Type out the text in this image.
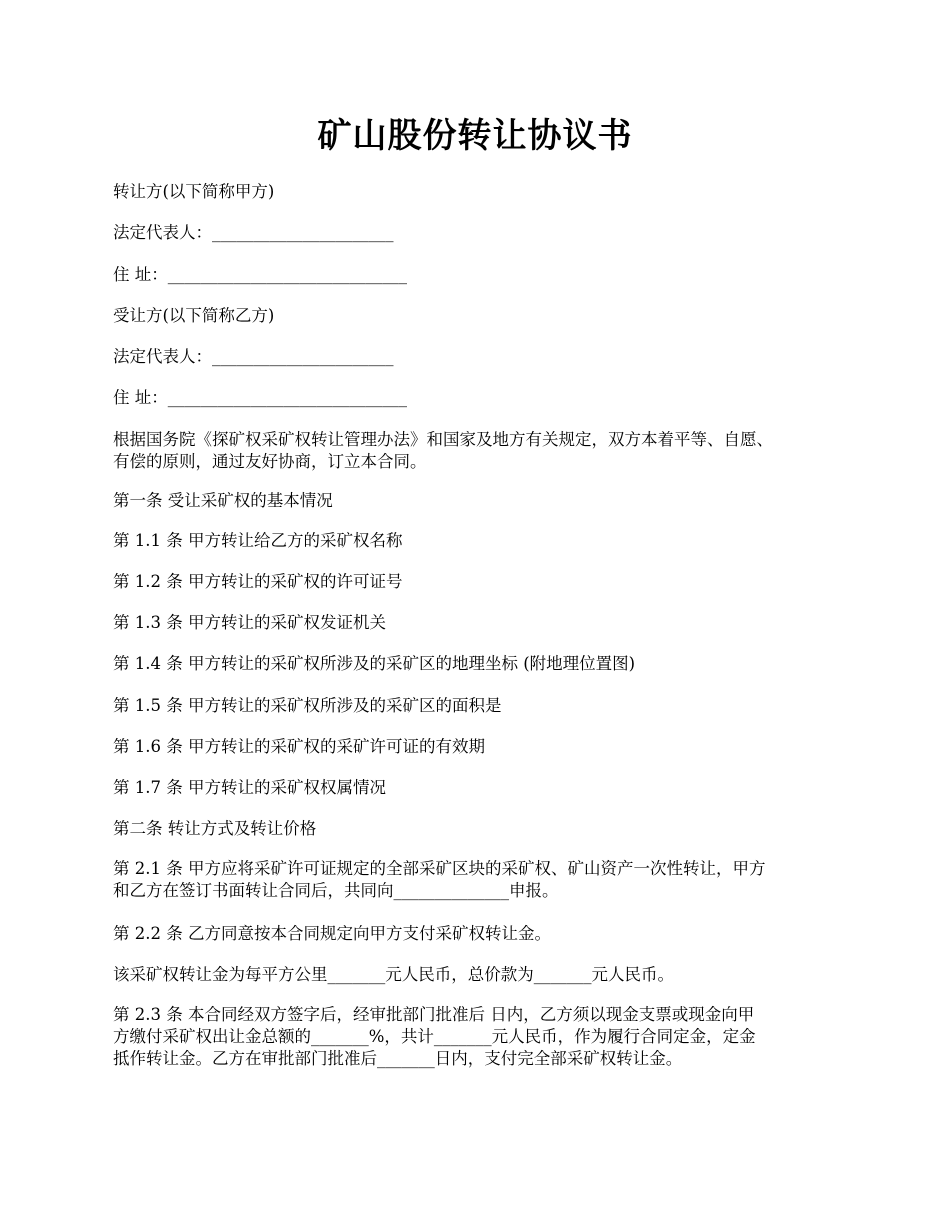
矿山股份转让协议书

转让方(以下简称甲方)

法定代表人：______________________

住 址：_____________________________

受让方(以下简称乙方)

法定代表人：______________________

住 址：_____________________________

根据国务院《探矿权采矿权转让管理办法》和国家及地方有关规定，双方本着平等、自愿、
有偿的原则，通过友好协商，订立本合同。

第一条 受让采矿权的基本情况

第 1.1 条 甲方转让给乙方的采矿权名称

第 1.2 条 甲方转让的采矿权的许可证号

第 1.3 条 甲方转让的采矿权发证机关

第 1.4 条 甲方转让的采矿权所涉及的采矿区的地理坐标 (附地理位置图)

第 1.5 条 甲方转让的采矿权所涉及的采矿区的面积是

第 1.6 条 甲方转让的采矿权的采矿许可证的有效期

第 1.7 条 甲方转让的采矿权权属情况

第二条 转让方式及转让价格

第 2.1 条 甲方应将采矿许可证规定的全部采矿区块的采矿权、矿山资产一次性转让，甲方
和乙方在签订书面转让合同后，共同向______________申报。

第 2.2 条 乙方同意按本合同规定向甲方支付采矿权转让金。

该采矿权转让金为每平方公里_______元人民币，总价款为_______元人民币。

第 2.3 条 本合同经双方签字后，经审批部门批准后 日内，乙方须以现金支票或现金向甲
方缴付采矿权出让金总额的_______%，共计_______元人民币，作为履行合同定金，定金
抵作转让金。乙方在审批部门批准后_______日内，支付完全部采矿权转让金。
